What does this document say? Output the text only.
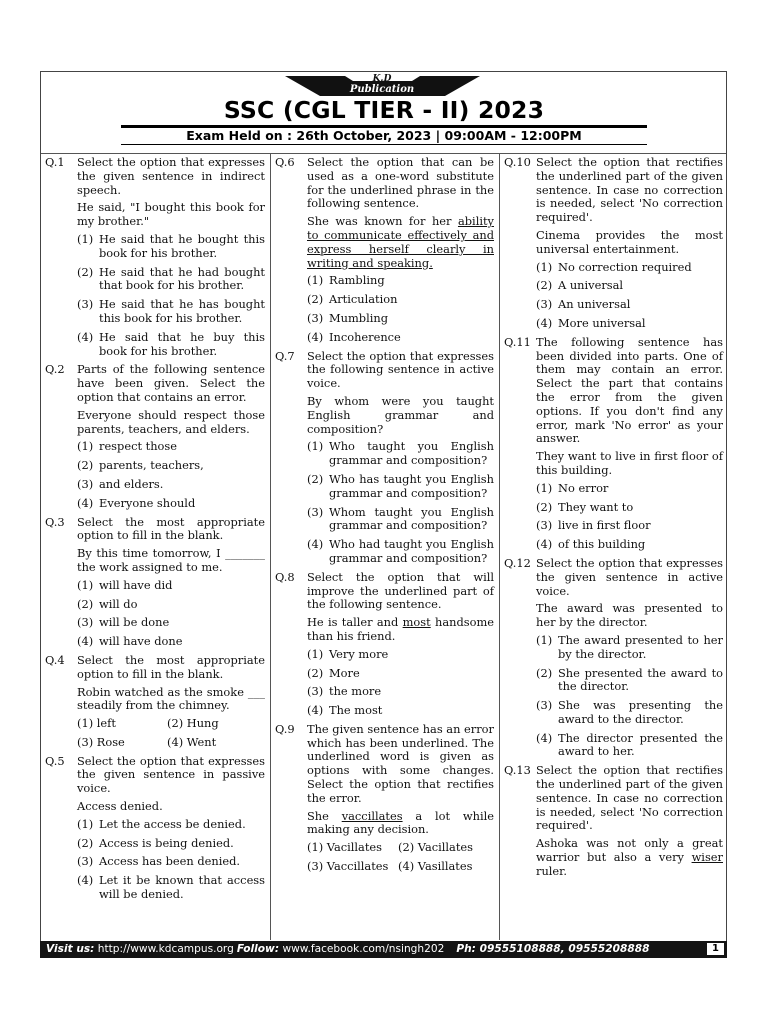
K.D
Publication
SSC (CGL TIER - II) 2023
Exam Held on : 26th October, 2023 | 09:00AM - 12:00PM
Q.1 Select the option that expresses the given sentence in indirect speech.

He said, "I bought this book for my brother."

(1) He said that he bought this book for his brother.
(2) He said that he had bought that book for his brother.
(3) He said that he has bought this book for his brother.
(4) He said that he buy this book for his brother.
Q.2 Parts of the following sentence have been given. Select the option that contains an error.

Everyone should respect those parents, teachers, and elders.

(1) respect those
(2) parents, teachers,
(3) and elders.
(4) Everyone should
Q.3 Select the most appropriate option to fill in the blank.

By this time tomorrow, I _______ the work assigned to me.

(1) will have did
(2) will do
(3) will be done
(4) will have done
Q.4 Select the most appropriate option to fill in the blank.

Robin watched as the smoke ___ steadily from the chimney.

(1) left	(2) Hung
(3) Rose	(4) Went
Q.5 Select the option that expresses the given sentence in passive voice.

Access denied.

(1) Let the access be denied.
(2) Access is being denied.
(3) Access has been denied.
(4) Let it be known that access will be denied.
Q.6 Select the option that can be used as a one-word substitute for the underlined phrase in the following sentence.

She was known for her ability to communicate effectively and express herself clearly in writing and speaking.

(1) Rambling
(2) Articulation
(3) Mumbling
(4) Incoherence
Q.7 Select the option that expresses the following sentence in active voice.

By whom were you taught English grammar and composition?

(1) Who taught you English grammar and composition?
(2) Who has taught you English grammar and composition?
(3) Whom taught you English grammar and composition?
(4) Who had taught you English grammar and composition?
Q.8 Select the option that will improve the underlined part of the following sentence.

He is taller and most handsome than his friend.

(1) Very more
(2) More
(3) the more
(4) The most
Q.9 The given sentence has an error which has been underlined. The underlined word is given as options with some changes. Select the option that rectifies the error.

She vaccillates a lot while making any decision.

(1) Vacillates	(2) Vacillates
(3) Vaccillates (4) Vasillates
Q.10 Select the option that rectifies the underlined part of the given sentence. In case no correction is needed, select 'No correction required'.

Cinema provides the most universal entertainment.

(1) No correction required
(2) A universal
(3) An universal
(4) More universal
Q.11 The following sentence has been divided into parts. One of them may contain an error. Select the part that contains the error from the given options. If you don't find any error, mark 'No error' as your answer.

They want to live in first floor of this building.

(1) No error
(2) They want to
(3) live in first floor
(4) of this building
Q.12 Select the option that expresses the given sentence in active voice.

The award was presented to her by the director.

(1) The award presented to her by the director.
(2) She presented the award to the director.
(3) She was presenting the award to the director.
(4) The director presented the award to her.
Q.13 Select the option that rectifies the underlined part of the given sentence. In case no correction is needed, select 'No correction required'.

Ashoka was not only a great warrior but also a very wiser ruler.

Visit us: http://www.kdcampus.org Follow: www.facebook.com/nsingh202 Ph: 09555108888, 09555208888	1
